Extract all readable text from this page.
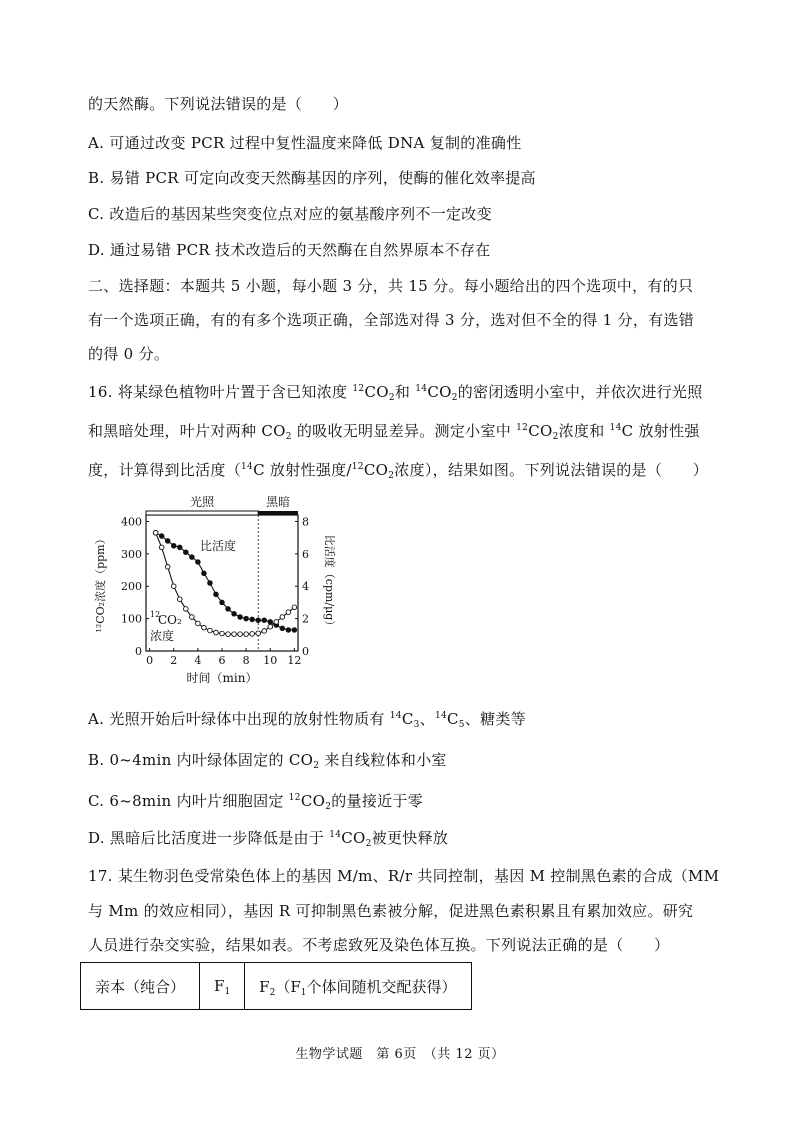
的天然酶。下列说法错误的是（　　）
A. 可通过改变 PCR 过程中复性温度来降低 DNA 复制的准确性
B. 易错 PCR 可定向改变天然酶基因的序列，使酶的催化效率提高
C. 改造后的基因某些突变位点对应的氨基酸序列不一定改变
D. 通过易错 PCR 技术改造后的天然酶在自然界原本不存在
二、选择题：本题共 5 小题，每小题 3 分，共 15 分。每小题给出的四个选项中，有的只
有一个选项正确，有的有多个选项正确，全部选对得 3 分，选对但不全的得 1 分，有选错
的得 0 分。
16. 将某绿色植物叶片置于含已知浓度 $^{12}CO_2$和 $^{14}CO_2$的密闭透明小室中，并依次进行光照
和黑暗处理，叶片对两种 $CO_2$ 的吸收无明显差异。测定小室中 $^{12}CO_2$浓度和 $^{14}$C 放射性强
度，计算得到比活度（$^{14}$C 放射性强度$/^{12}CO_2$浓度），结果如图。下列说法错误的是（　　）
光照	黑暗
0 2 4 6 8 10 12
0
100
200
300
400
0
2
4
6
8
时间（min）
¹²CO₂浓度（ppm）	比活度（cpm/μg）
比活度
12
CO₂
浓度
A. 光照开始后叶绿体中出现的放射性物质有 $^{14}C_3$、$^{14}C_5$、糖类等
B. 0~4min 内叶绿体固定的 $CO_2$ 来自线粒体和小室
C. 6~8min 内叶片细胞固定 $^{12}CO_2$的量接近于零
D. 黑暗后比活度进一步降低是由于 $^{14}CO_2$被更快释放
17. 某生物羽色受常染色体上的基因 M/m、R/r 共同控制，基因 M 控制黑色素的合成（MM
与 Mm 的效应相同），基因 R 可抑制黑色素被分解，促进黑色素积累且有累加效应。研究
人员进行杂交实验，结果如表。不考虑致死及染色体互换。下列说法正确的是（　　）
亲本（纯合）	$F_1$	$F_2(F_1$个体间随机交配获得）
生物学试题　第 6页　（共 12 页）
